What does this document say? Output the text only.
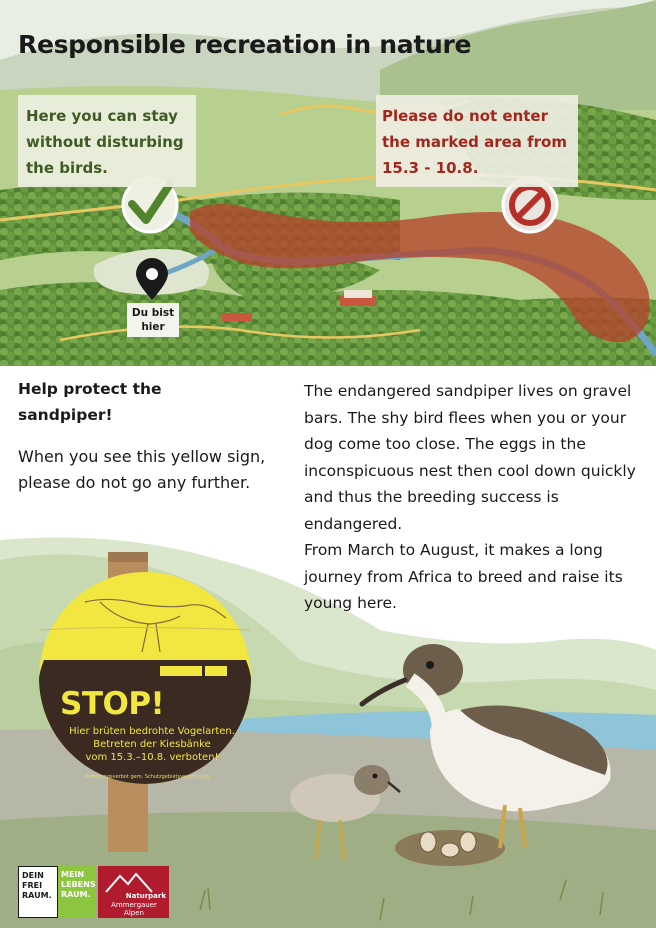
Responsible recreation in nature
Here you can stay without disturbing the birds.
Please do not enter the marked area from 15.3 - 10.8.
Du bist hier
STOP!
Hier brüten bedrohte Vogelarten.
Betreten der Kiesbänke
vom 15.3.–10.8. verboten!
Betretungsverbot gem. Schutzgebietsverordnung
Interreg	LBV
Help protect the sandpiper!
When you see this yellow sign, please do not go any further.

The endangered sandpiper lives on gravel bars. The shy bird flees when you or your dog come too close. The eggs in the inconspicuous nest then cool down quickly and thus the breeding success is endangered.

From March to August, it makes a long journey from Africa to breed and raise its young here.

DEIN FREI RAUM.
MEIN LEBENS RAUM.	Naturpark
Ammergauer Alpen
